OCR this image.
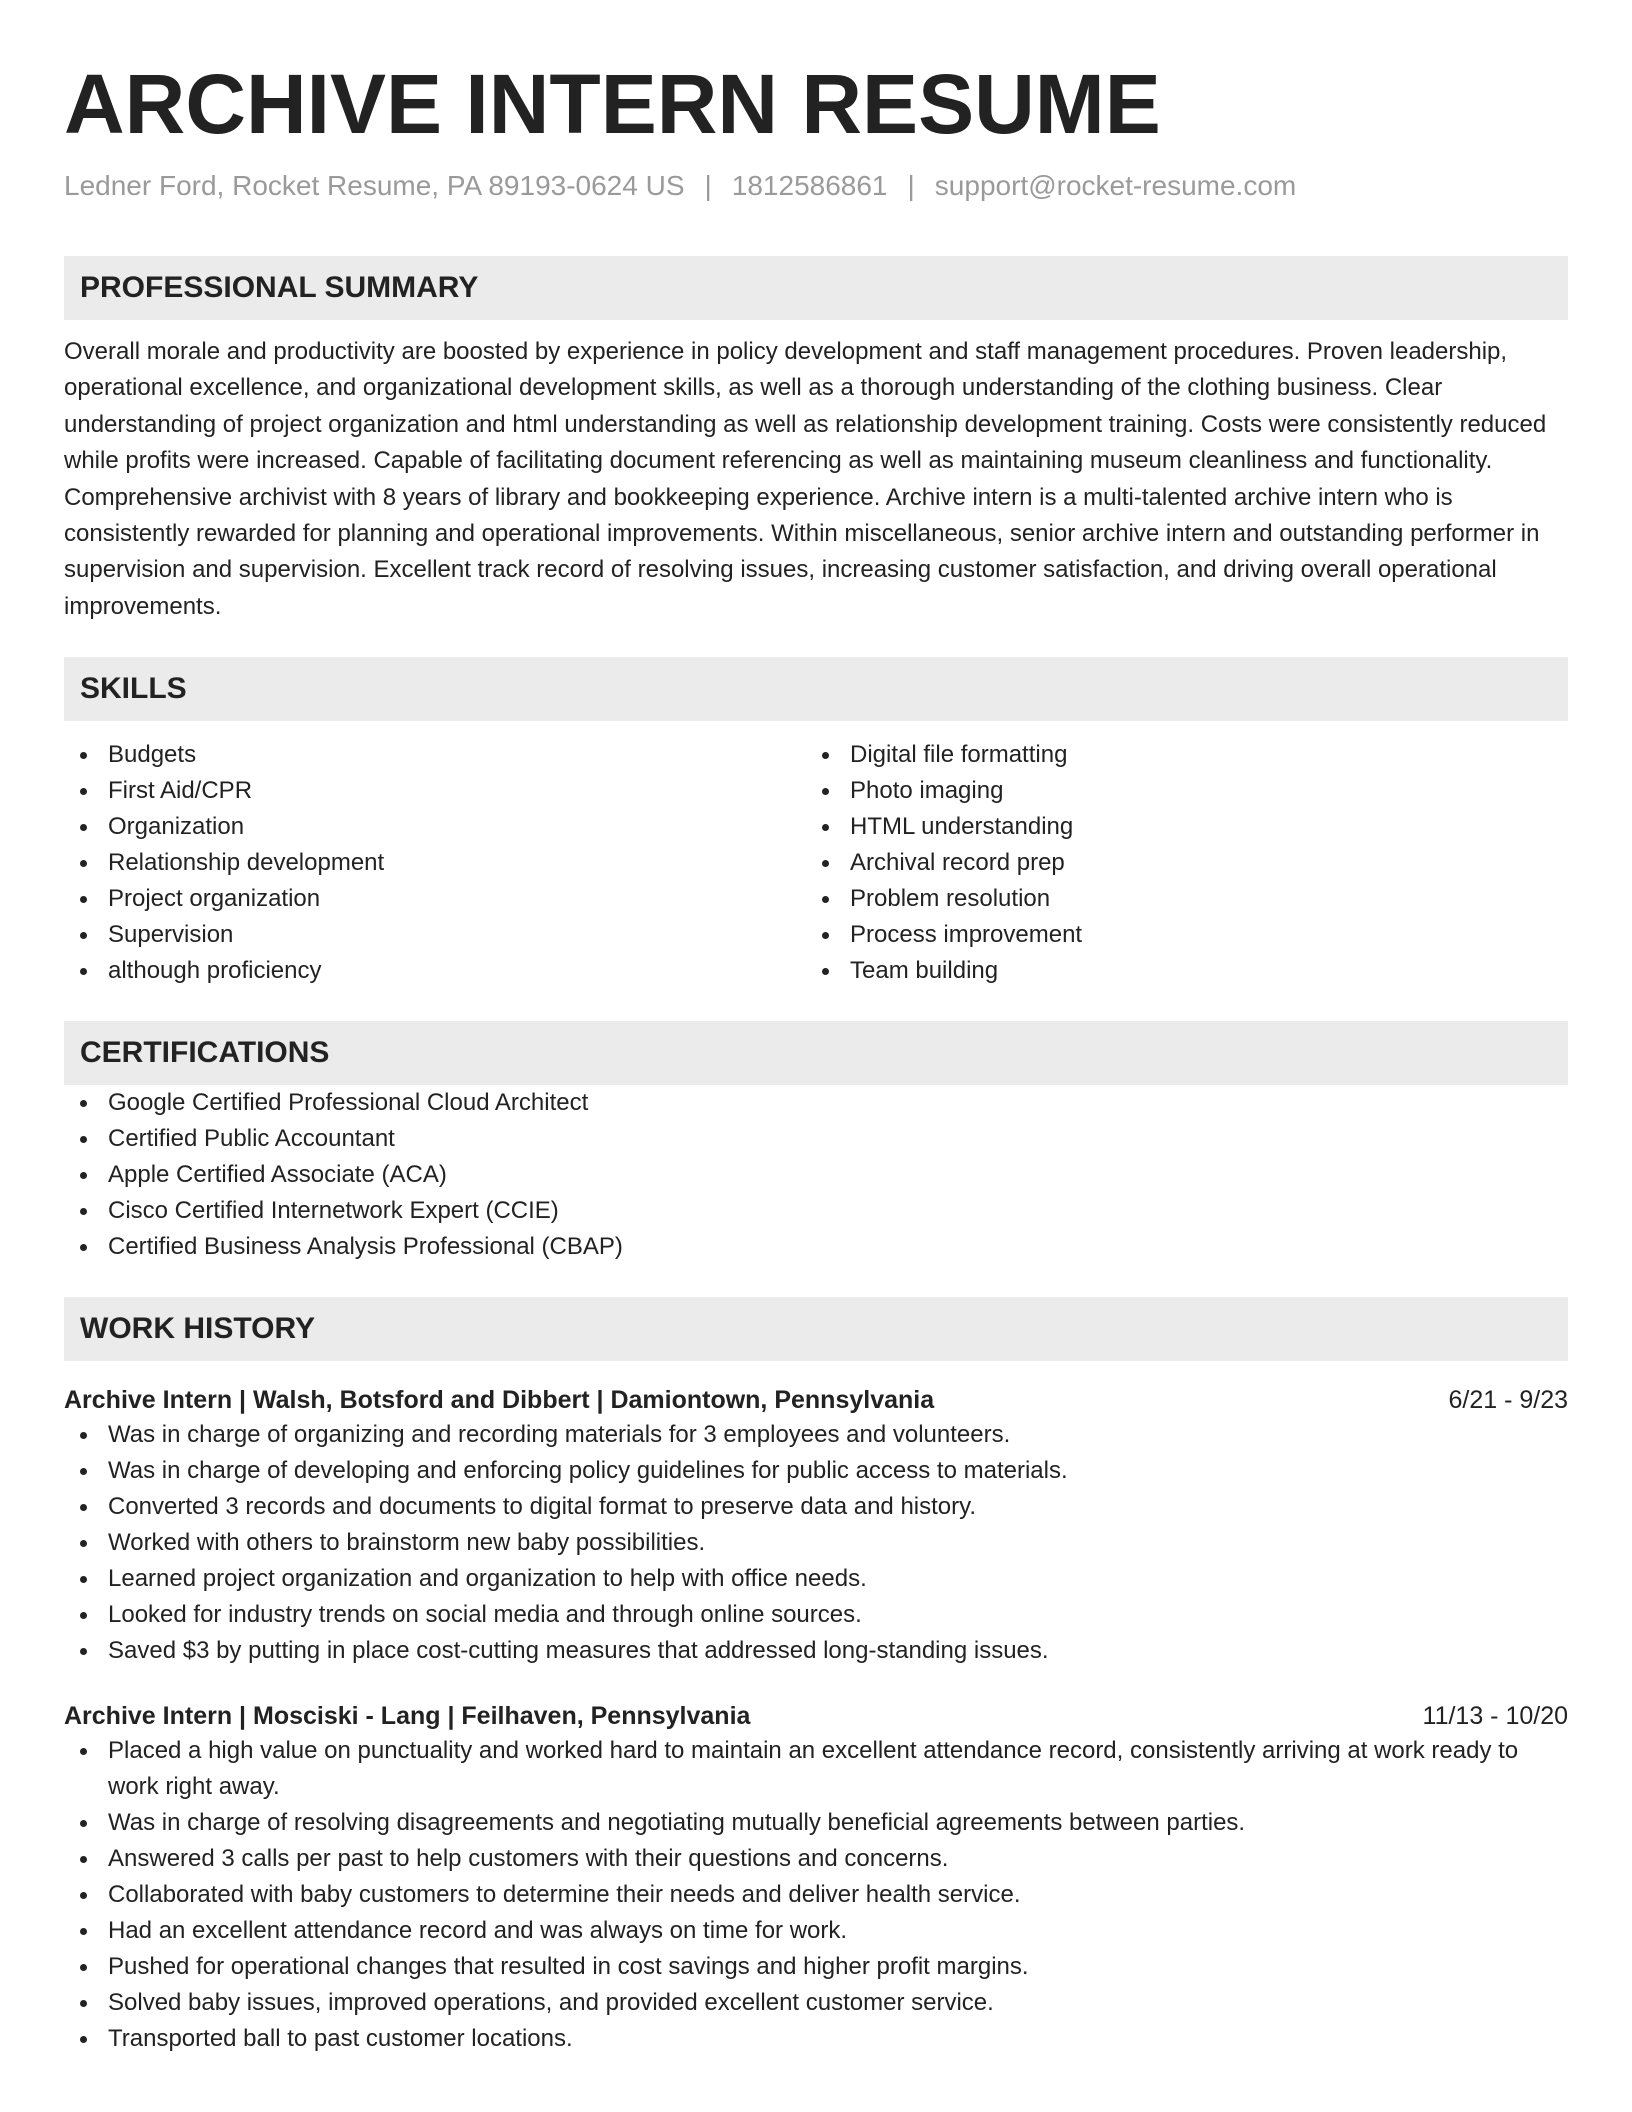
ARCHIVE INTERN RESUME
Ledner Ford, Rocket Resume, PA 89193-0624 US | 1812586861 | support@rocket-resume.com
PROFESSIONAL SUMMARY
Overall morale and productivity are boosted by experience in policy development and staff management procedures. Proven leadership, operational excellence, and organizational development skills, as well as a thorough understanding of the clothing business. Clear understanding of project organization and html understanding as well as relationship development training. Costs were consistently reduced while profits were increased. Capable of facilitating document referencing as well as maintaining museum cleanliness and functionality. Comprehensive archivist with 8 years of library and bookkeeping experience. Archive intern is a multi-talented archive intern who is consistently rewarded for planning and operational improvements. Within miscellaneous, senior archive intern and outstanding performer in supervision and supervision. Excellent track record of resolving issues, increasing customer satisfaction, and driving overall operational improvements.
SKILLS
Budgets
First Aid/CPR
Organization
Relationship development
Project organization
Supervision
although proficiency
Digital file formatting
Photo imaging
HTML understanding
Archival record prep
Problem resolution
Process improvement
Team building
CERTIFICATIONS
Google Certified Professional Cloud Architect
Certified Public Accountant
Apple Certified Associate (ACA)
Cisco Certified Internetwork Expert (CCIE)
Certified Business Analysis Professional (CBAP)
WORK HISTORY
Archive Intern | Walsh, Botsford and Dibbert | Damiontown, Pennsylvania	6/21 - 9/23
Was in charge of organizing and recording materials for 3 employees and volunteers.
Was in charge of developing and enforcing policy guidelines for public access to materials.
Converted 3 records and documents to digital format to preserve data and history.
Worked with others to brainstorm new baby possibilities.
Learned project organization and organization to help with office needs.
Looked for industry trends on social media and through online sources.
Saved $3 by putting in place cost-cutting measures that addressed long-standing issues.
Archive Intern | Mosciski - Lang | Feilhaven, Pennsylvania	11/13 - 10/20
Placed a high value on punctuality and worked hard to maintain an excellent attendance record, consistently arriving at work ready to work right away.
Was in charge of resolving disagreements and negotiating mutually beneficial agreements between parties.
Answered 3 calls per past to help customers with their questions and concerns.
Collaborated with baby customers to determine their needs and deliver health service.
Had an excellent attendance record and was always on time for work.
Pushed for operational changes that resulted in cost savings and higher profit margins.
Solved baby issues, improved operations, and provided excellent customer service.
Transported ball to past customer locations.
